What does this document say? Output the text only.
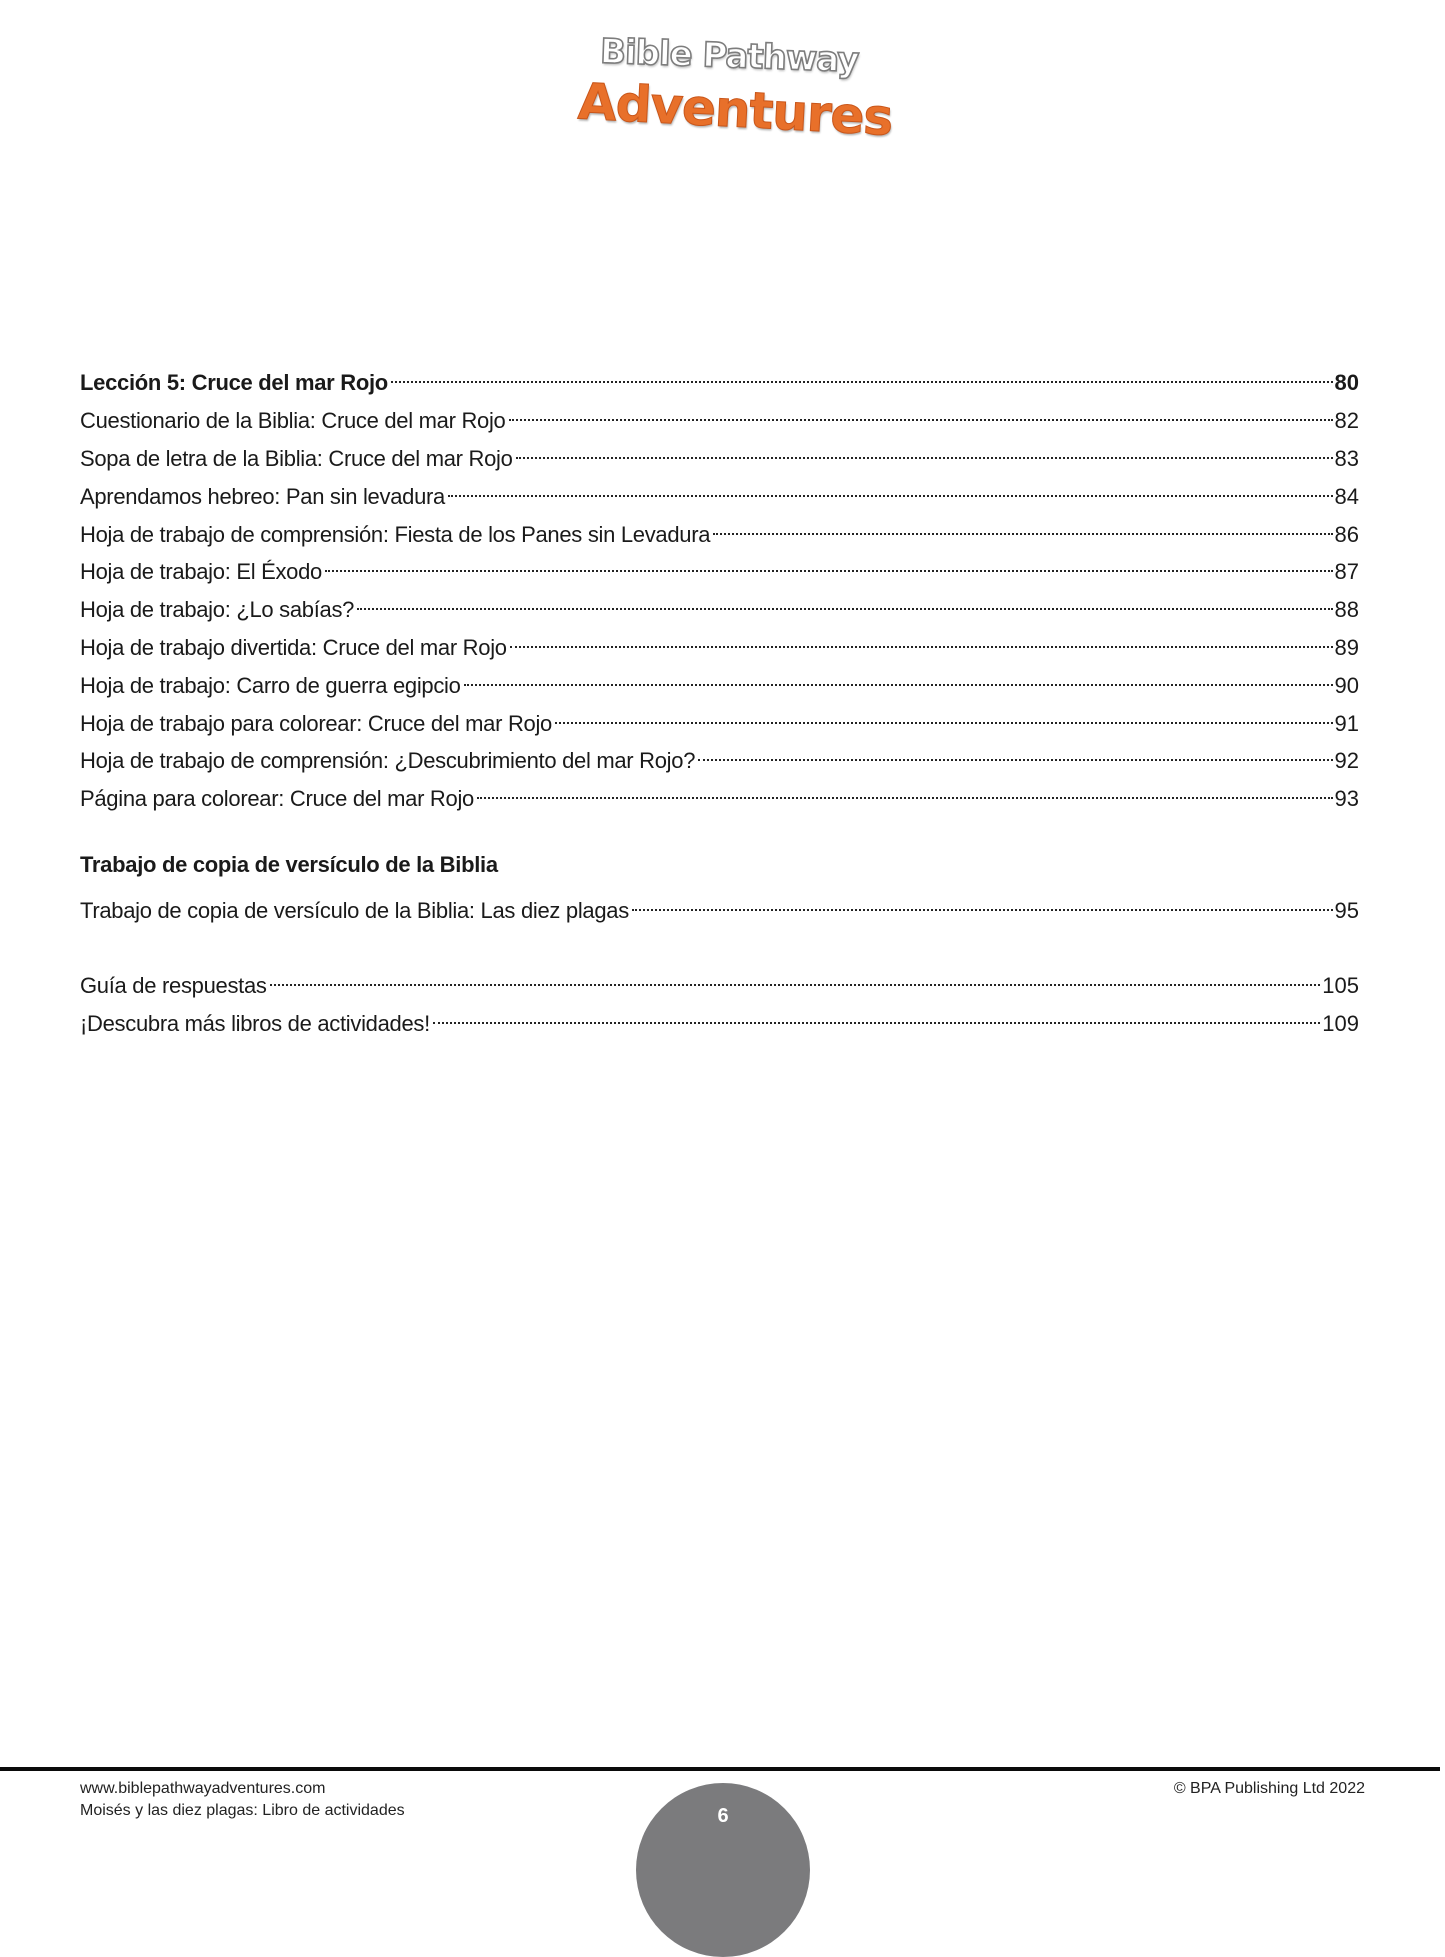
Bible Pathway
Adventures
Lección 5: Cruce del mar Rojo	80
Cuestionario de la Biblia: Cruce del mar Rojo	82
Sopa de letra de la Biblia: Cruce del mar Rojo	83
Aprendamos hebreo: Pan sin levadura	84
Hoja de trabajo de comprensión: Fiesta de los Panes sin Levadura	86
Hoja de trabajo: El Éxodo	87
Hoja de trabajo: ¿Lo sabías?	88
Hoja de trabajo divertida: Cruce del mar Rojo	89
Hoja de trabajo: Carro de guerra egipcio	90
Hoja de trabajo para colorear: Cruce del mar Rojo	91
Hoja de trabajo de comprensión: ¿Descubrimiento del mar Rojo?	92
Página para colorear: Cruce del mar Rojo	93
Trabajo de copia de versículo de la Biblia
Trabajo de copia de versículo de la Biblia: Las diez plagas	95
Guía de respuestas	105
¡Descubra más libros de actividades!	109
www.biblepathwayadventures.com
Moisés y las diez plagas: Libro de actividades	6
© BPA Publishing Ltd 2022
